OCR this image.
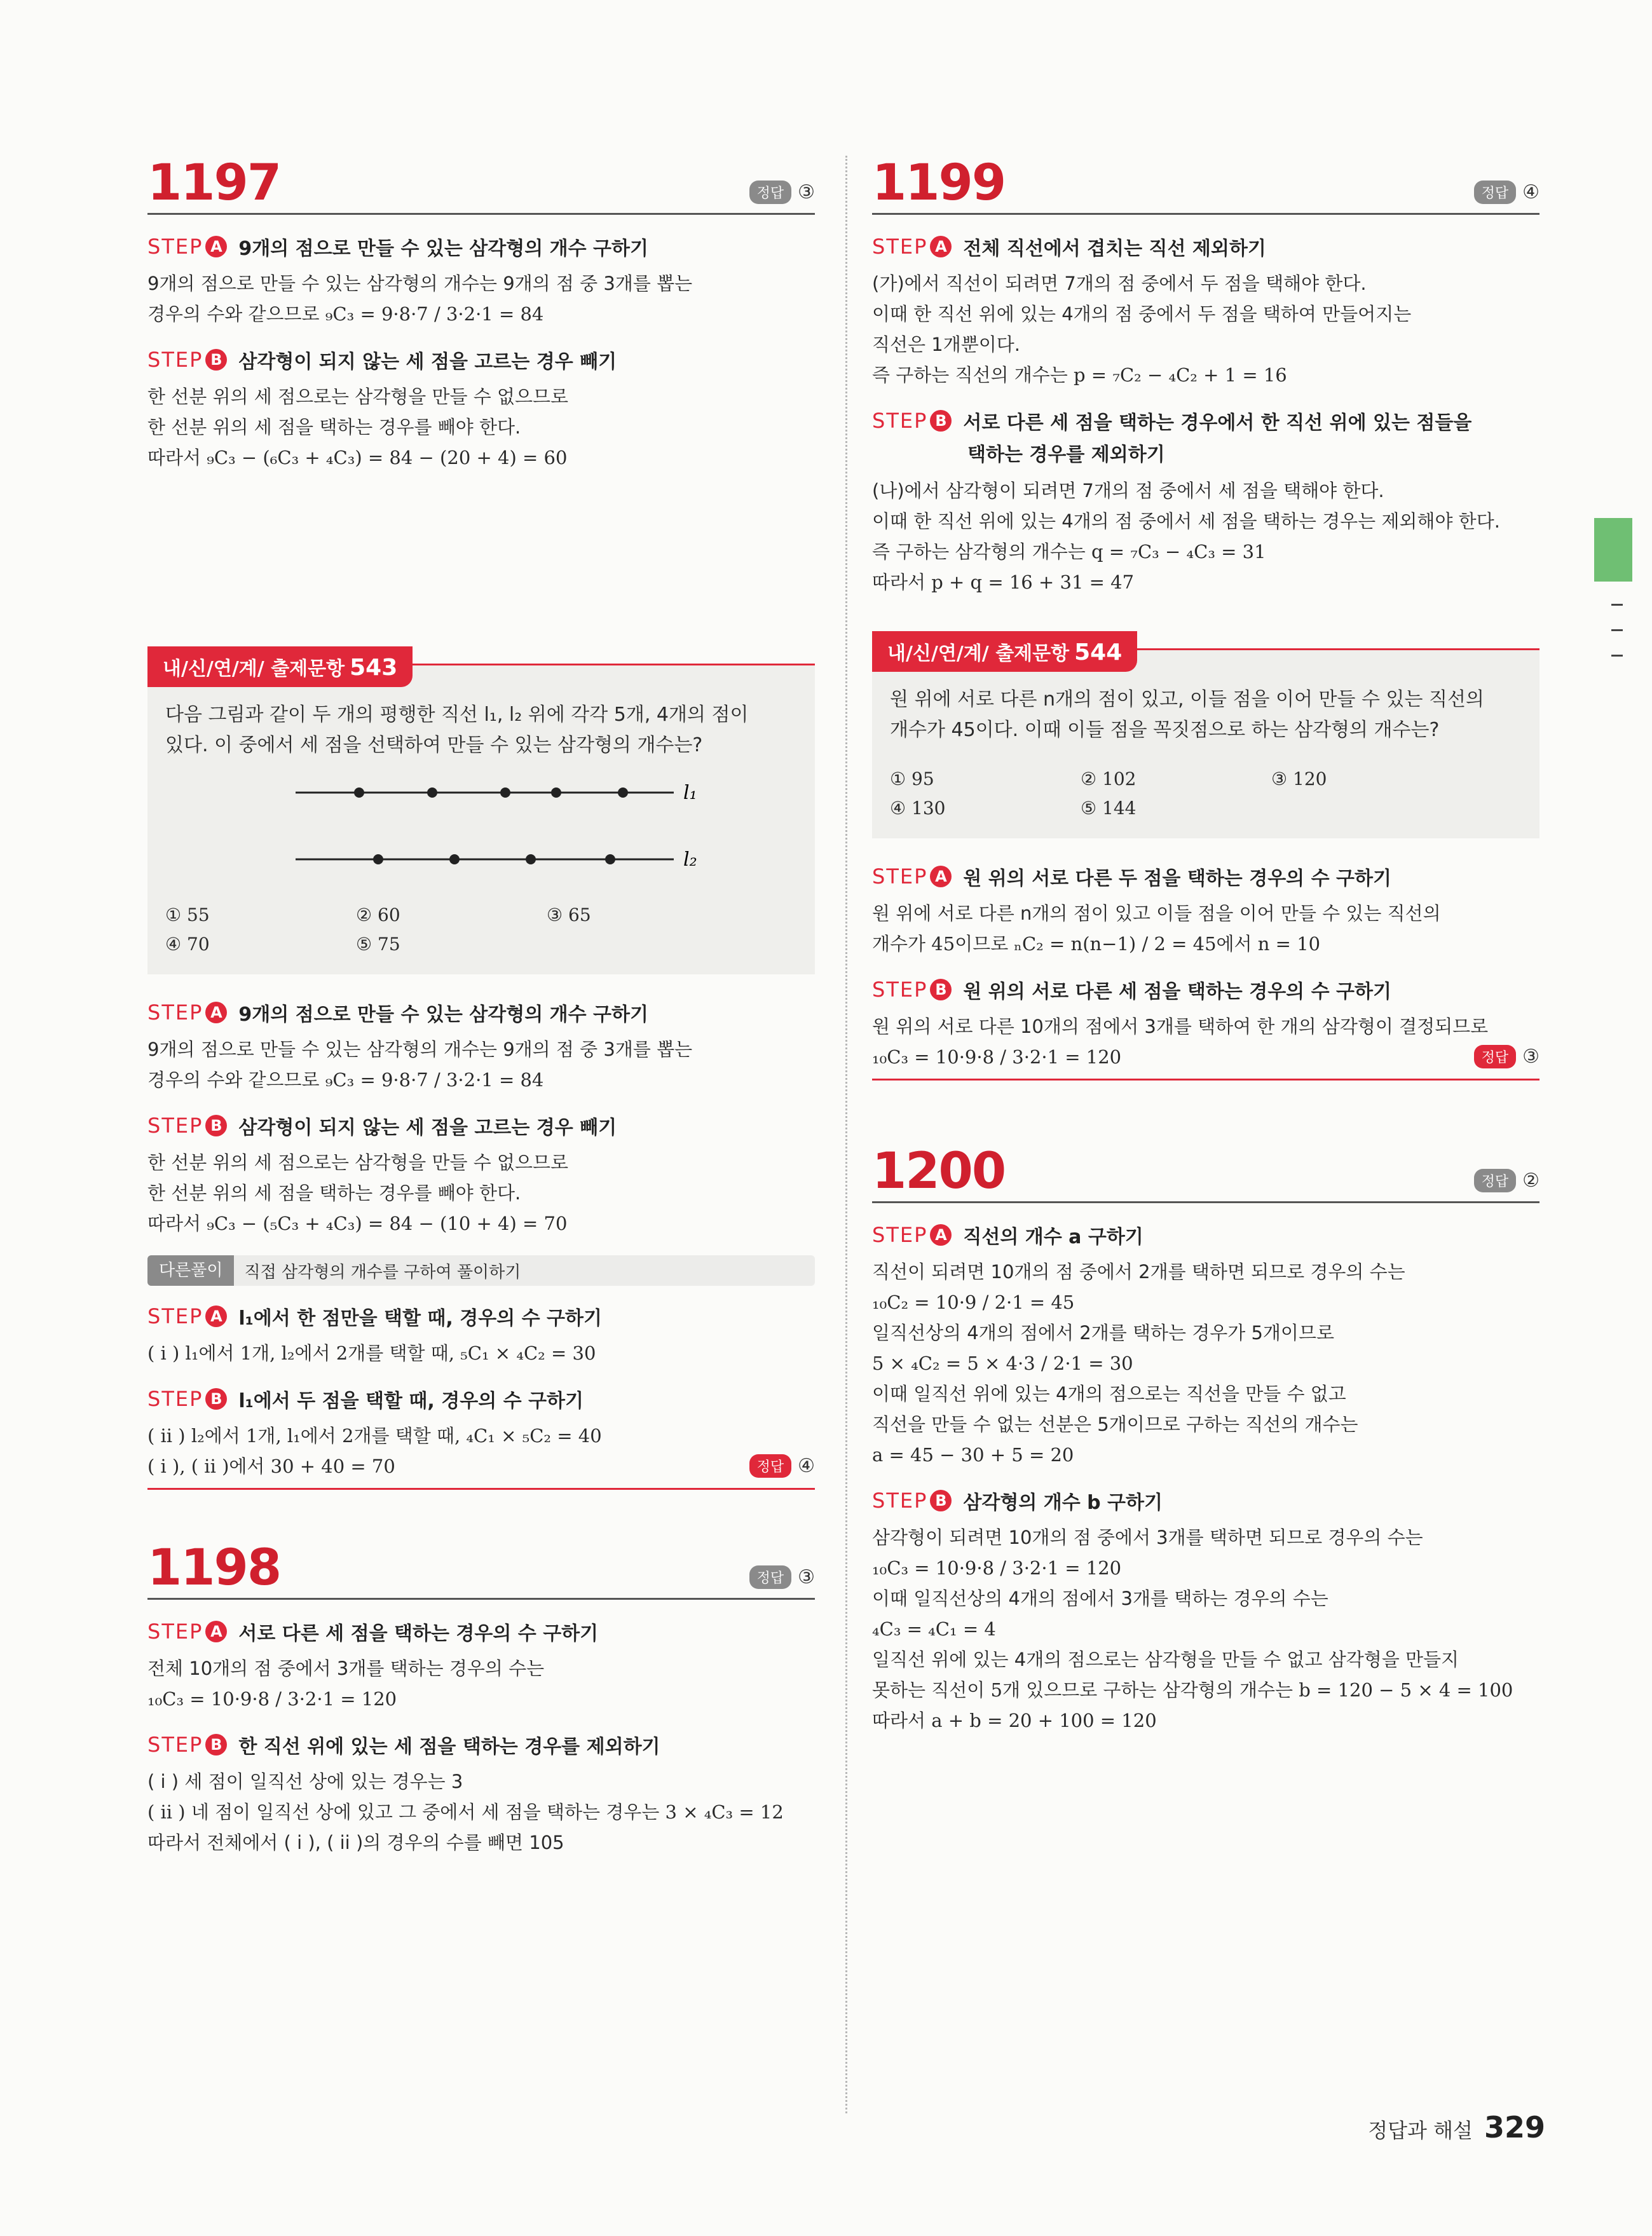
1197	정답 ③
STEP A 9개의 점으로 만들 수 있는 삼각형의 개수 구하기

9개의 점으로 만들 수 있는 삼각형의 개수는 9개의 점 중 3개를 뽑는

경우의 수와 같으므로 ₉C₃ = 9·8·7 / 3·2·1 = 84

STEP B 삼각형이 되지 않는 세 점을 고르는 경우 빼기

한 선분 위의 세 점으로는 삼각형을 만들 수 없으므로

한 선분 위의 세 점을 택하는 경우를 빼야 한다.

따라서 ₉C₃ − (₆C₃ + ₄C₃) = 84 − (20 + 4) = 60

내/신/연/계/ 출제문항 543
다음 그림과 같이 두 개의 평행한 직선 l₁, l₂ 위에 각각 5개, 4개의 점이
있다. 이 중에서 세 점을 선택하여 만들 수 있는 삼각형의 개수는?
l₁
l₂
① 55	② 60	③ 65
④ 70	⑤ 75
STEP A 9개의 점으로 만들 수 있는 삼각형의 개수 구하기

9개의 점으로 만들 수 있는 삼각형의 개수는 9개의 점 중 3개를 뽑는

경우의 수와 같으므로 ₉C₃ = 9·8·7 / 3·2·1 = 84

STEP B 삼각형이 되지 않는 세 점을 고르는 경우 빼기

한 선분 위의 세 점으로는 삼각형을 만들 수 없으므로

한 선분 위의 세 점을 택하는 경우를 빼야 한다.

따라서 ₉C₃ − (₅C₃ + ₄C₃) = 84 − (10 + 4) = 70

다른풀이	직접 삼각형의 개수를 구하여 풀이하기
STEP A l₁에서 한 점만을 택할 때, 경우의 수 구하기

( i ) l₁에서 1개, l₂에서 2개를 택할 때, ₅C₁ × ₄C₂ = 30

STEP B l₁에서 두 점을 택할 때, 경우의 수 구하기

( ii ) l₂에서 1개, l₁에서 2개를 택할 때, ₄C₁ × ₅C₂ = 40

( i ), ( ii )에서 30 + 40 = 70	정답 ④
1198	정답 ③
STEP A 서로 다른 세 점을 택하는 경우의 수 구하기

전체 10개의 점 중에서 3개를 택하는 경우의 수는

₁₀C₃ = 10·9·8 / 3·2·1 = 120

STEP B 한 직선 위에 있는 세 점을 택하는 경우를 제외하기

( i ) 세 점이 일직선 상에 있는 경우는 3

( ii ) 네 점이 일직선 상에 있고 그 중에서 세 점을 택하는 경우는 3 × ₄C₃ = 12

따라서 전체에서 ( i ), ( ii )의 경우의 수를 빼면 105

1199	정답 ④
STEP A 전체 직선에서 겹치는 직선 제외하기

(가)에서 직선이 되려면 7개의 점 중에서 두 점을 택해야 한다.

이때 한 직선 위에 있는 4개의 점 중에서 두 점을 택하여 만들어지는

직선은 1개뿐이다.

즉 구하는 직선의 개수는 p = ₇C₂ − ₄C₂ + 1 = 16

STEP B 서로 다른 세 점을 택하는 경우에서 한 직선 위에 있는 점들을
택하는 경우를 제외하기

(나)에서 삼각형이 되려면 7개의 점 중에서 세 점을 택해야 한다.

이때 한 직선 위에 있는 4개의 점 중에서 세 점을 택하는 경우는 제외해야 한다.

즉 구하는 삼각형의 개수는 q = ₇C₃ − ₄C₃ = 31

따라서 p + q = 16 + 31 = 47

내/신/연/계/ 출제문항 544
원 위에 서로 다른 n개의 점이 있고, 이들 점을 이어 만들 수 있는 직선의
개수가 45이다. 이때 이들 점을 꼭짓점으로 하는 삼각형의 개수는?
① 95	② 102	③ 120
④ 130	⑤ 144
STEP A 원 위의 서로 다른 두 점을 택하는 경우의 수 구하기

원 위에 서로 다른 n개의 점이 있고 이들 점을 이어 만들 수 있는 직선의

개수가 45이므로 ₙC₂ = n(n−1) / 2 = 45에서 n = 10

STEP B 원 위의 서로 다른 세 점을 택하는 경우의 수 구하기

원 위의 서로 다른 10개의 점에서 3개를 택하여 한 개의 삼각형이 결정되므로

₁₀C₃ = 10·9·8 / 3·2·1 = 120	정답 ③
1200	정답 ②
STEP A 직선의 개수 a 구하기

직선이 되려면 10개의 점 중에서 2개를 택하면 되므로 경우의 수는

₁₀C₂ = 10·9 / 2·1 = 45

일직선상의 4개의 점에서 2개를 택하는 경우가 5개이므로

5 × ₄C₂ = 5 × 4·3 / 2·1 = 30

이때 일직선 위에 있는 4개의 점으로는 직선을 만들 수 없고

직선을 만들 수 없는 선분은 5개이므로 구하는 직선의 개수는

a = 45 − 30 + 5 = 20

STEP B 삼각형의 개수 b 구하기

삼각형이 되려면 10개의 점 중에서 3개를 택하면 되므로 경우의 수는

₁₀C₃ = 10·9·8 / 3·2·1 = 120

이때 일직선상의 4개의 점에서 3개를 택하는 경우의 수는

₄C₃ = ₄C₁ = 4

일직선 위에 있는 4개의 점으로는 삼각형을 만들 수 없고 삼각형을 만들지

못하는 직선이 5개 있으므로 구하는 삼각형의 개수는 b = 120 − 5 × 4 = 100

따라서 a + b = 20 + 100 = 120

정답과 해설 329
